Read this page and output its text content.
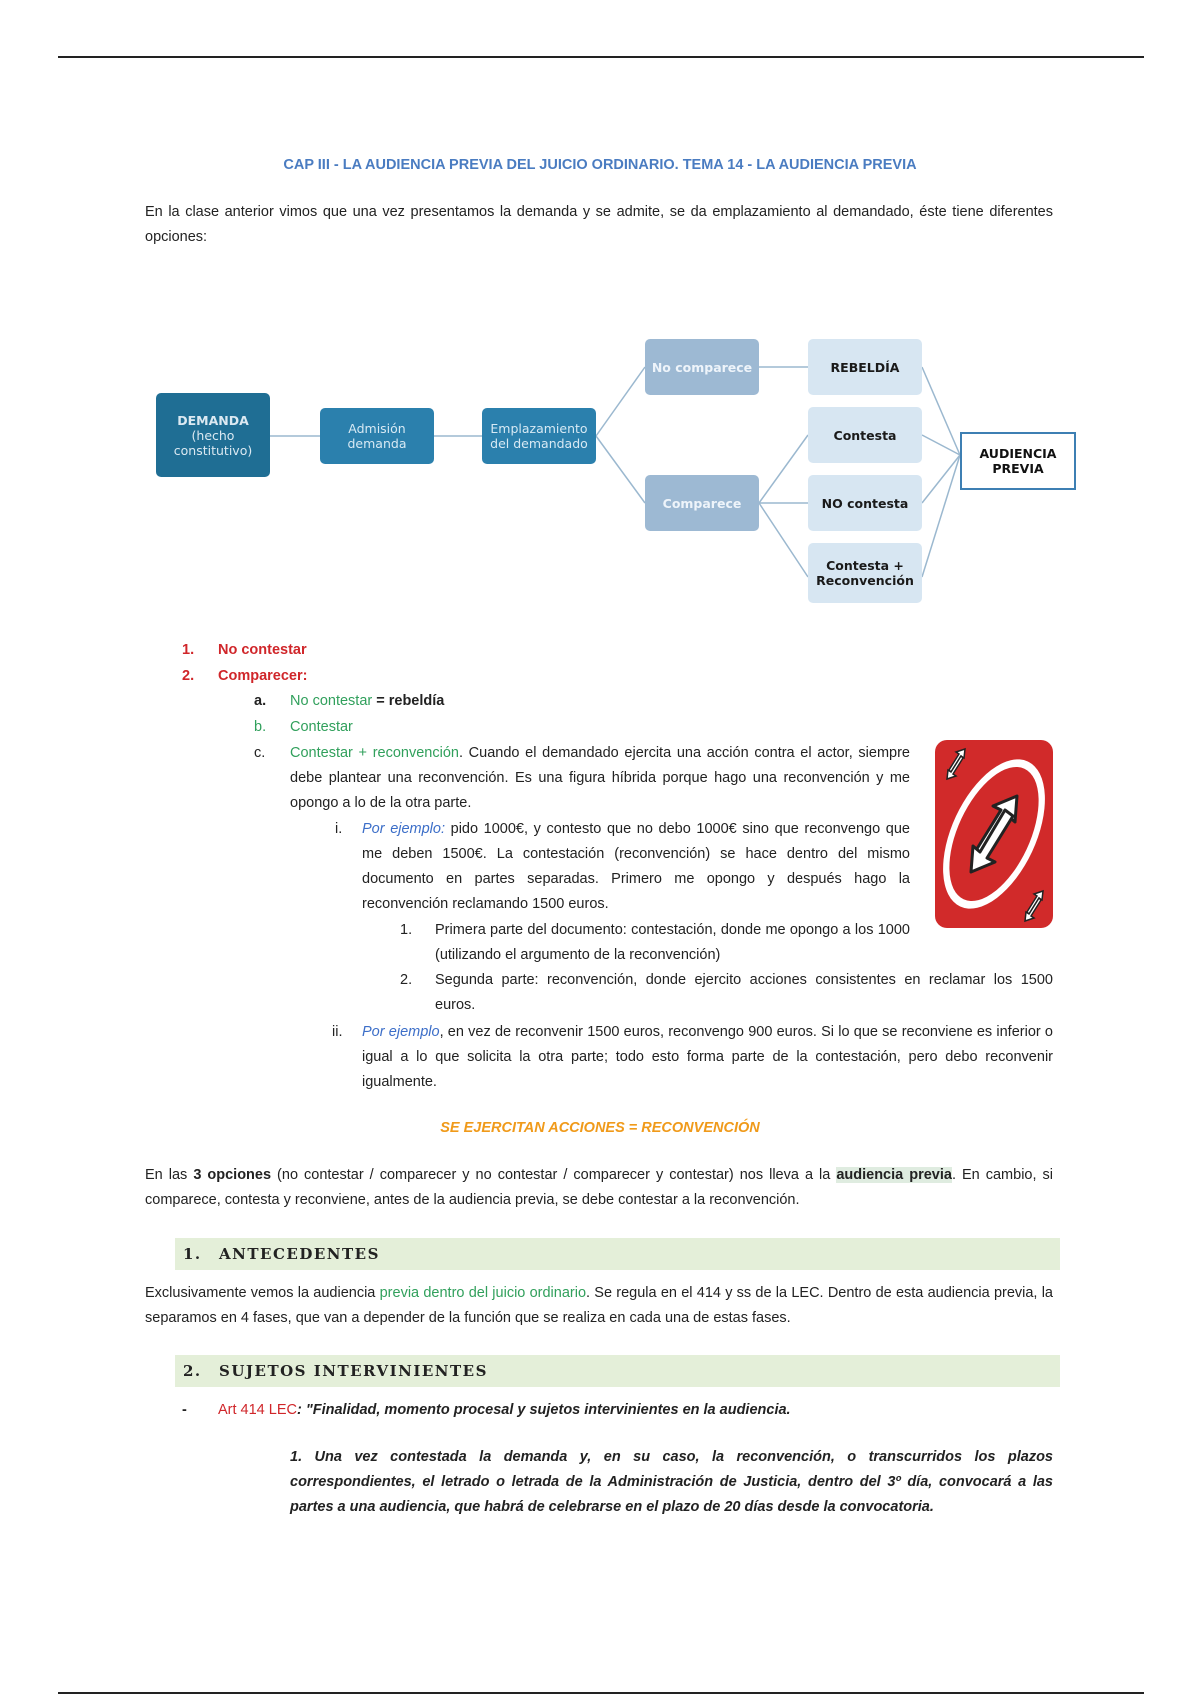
CAP III - LA AUDIENCIA PREVIA DEL JUICIO ORDINARIO. TEMA 14 - LA AUDIENCIA PREVIA

En la clase anterior vimos que una vez presentamos la demanda y se admite, se da emplazamiento al demandado, éste tiene diferentes opciones:

DEMANDA
(hecho
constitutivo)
Admisión
demanda
Emplazamiento
del demandado
No comparece
Comparece
REBELDÍA
Contesta
NO contesta
Contesta +
Reconvención
AUDIENCIA
PREVIA
1. No contestar
2. Comparecer:
a. No contestar = rebeldía
b. Contestar
c. Contestar + reconvención. Cuando el demandado ejercita una acción contra el actor, siempre debe plantear una reconvención. Es una figura híbrida porque hago una reconvención y me opongo a lo de la otra parte.

i. Por ejemplo: pido 1000€, y contesto que no debo 1000€ sino que reconvengo que me deben 1500€. La contestación (reconvención) se hace dentro del mismo documento en partes separadas. Primero me opongo y después hago la reconvención reclamando 1500 euros.

1. Primera parte del documento: contestación, donde me opongo a los 1000 (utilizando el argumento de la reconvención)

2. Segunda parte: reconvención, donde ejercito acciones consistentes en reclamar los 1500 euros.

ii. Por ejemplo, en vez de reconvenir 1500 euros, reconvengo 900 euros. Si lo que se reconviene es inferior o igual a lo que solicita la otra parte; todo esto forma parte de la contestación, pero debo reconvenir igualmente.

SE EJERCITAN ACCIONES = RECONVENCIÓN

En las 3 opciones (no contestar / comparecer y no contestar / comparecer y contestar) nos lleva a la audiencia previa. En cambio, si comparece, contesta y reconviene, antes de la audiencia previa, se debe contestar a la reconvención.

1.	ANTECEDENTES

Exclusivamente vemos la audiencia previa dentro del juicio ordinario. Se regula en el 414 y ss de la LEC. Dentro de esta audiencia previa, la separamos en 4 fases, que van a depender de la función que se realiza en cada una de estas fases.

2.	SUJETOS INTERVINIENTES
- Art 414 LEC: "Finalidad, momento procesal y sujetos intervinientes en la audiencia.

1. Una vez contestada la demanda y, en su caso, la reconvención, o transcurridos los plazos correspondientes, el letrado o letrada de la Administración de Justicia, dentro del 3º día, convocará a las partes a una audiencia, que habrá de celebrarse en el plazo de 20 días desde la convocatoria.
